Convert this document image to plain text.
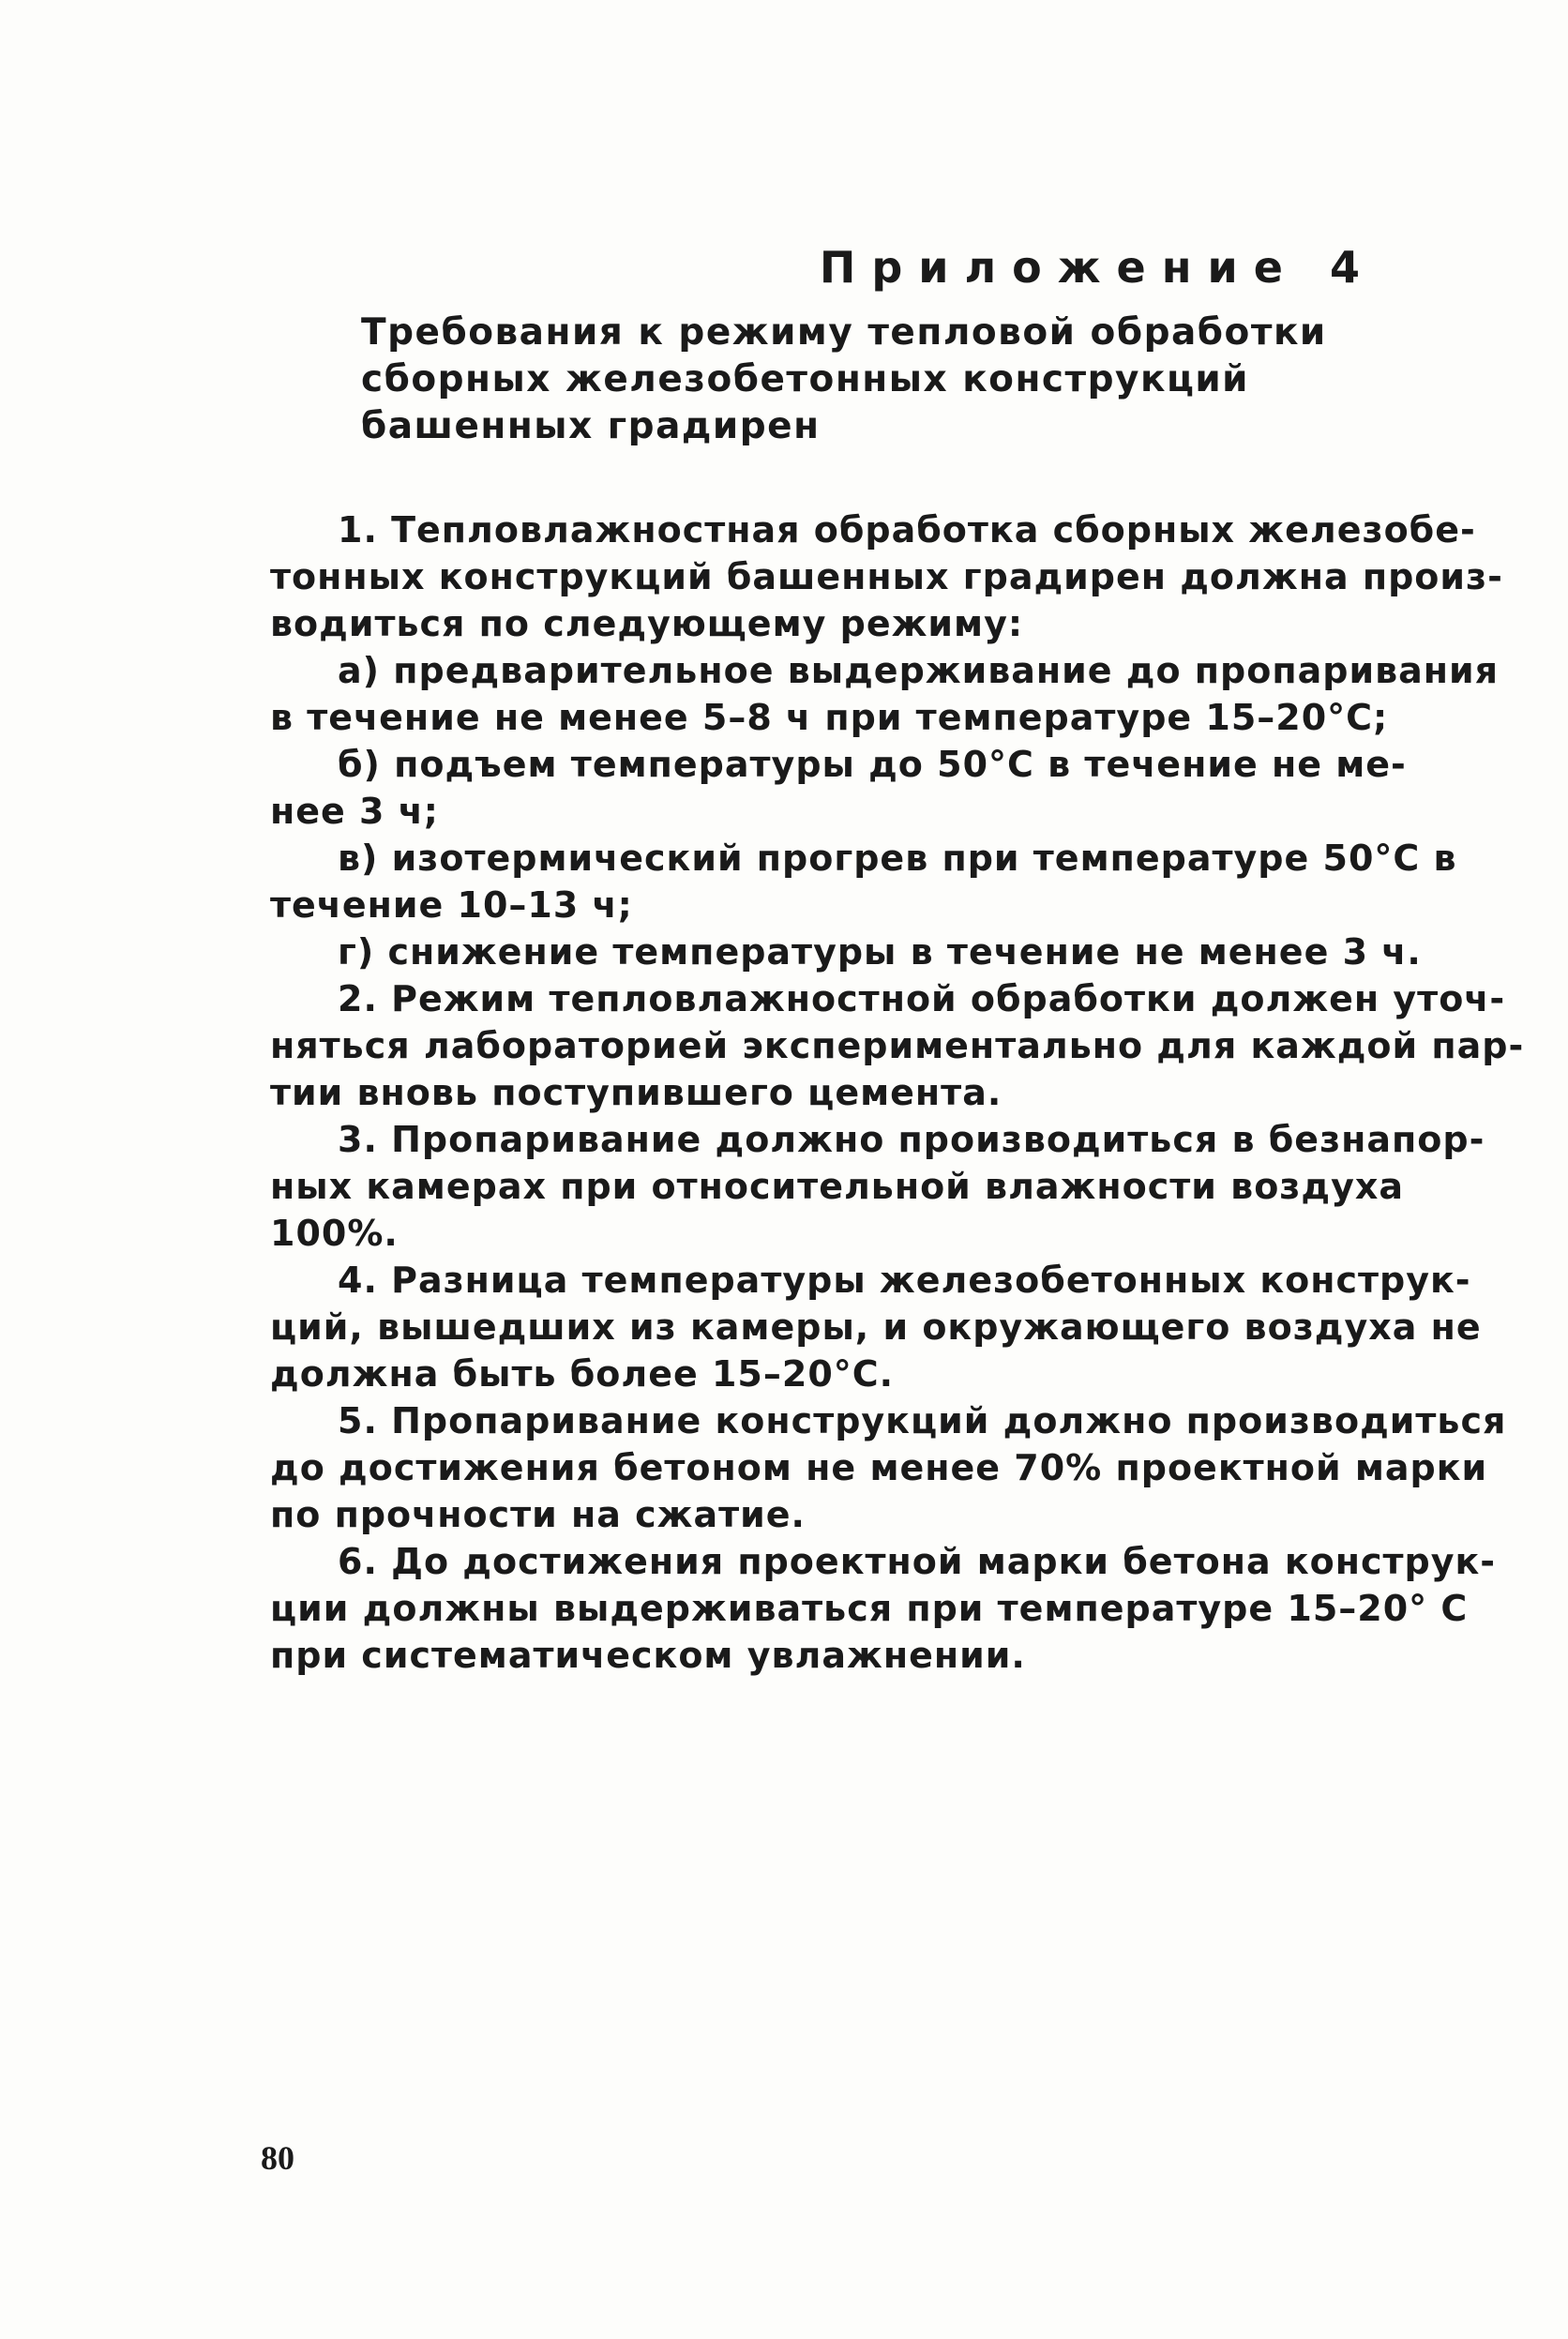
Приложение 4
Требования к режиму тепловой обработки
сборных железобетонных конструкций
башенных градирен
1. Тепловлажностная обработка сборных железобе-
тонных конструкций башенных градирен должна произ-
водиться по следующему режиму:
а) предварительное выдерживание до пропаривания
в течение не менее 5–8 ч при температуре 15–20°С;
б) подъем температуры до 50°С в течение не ме-
нее 3 ч;
в) изотермический прогрев при температуре 50°С в
течение 10–13 ч;
г) снижение температуры в течение не менее 3 ч.
2. Режим тепловлажностной обработки должен уточ-
няться лабораторией экспериментально для каждой пар-
тии вновь поступившего цемента.
3. Пропаривание должно производиться в безнапор-
ных камерах при относительной влажности воздуха
100%.
4. Разница температуры железобетонных конструк-
ций, вышедших из камеры, и окружающего воздуха не
должна быть более 15–20°С.
5. Пропаривание конструкций должно производиться
до достижения бетоном не менее 70% проектной марки
по прочности на сжатие.
6. До достижения проектной марки бетона конструк-
ции должны выдерживаться при температуре 15–20° С
при систематическом увлажнении.
80
